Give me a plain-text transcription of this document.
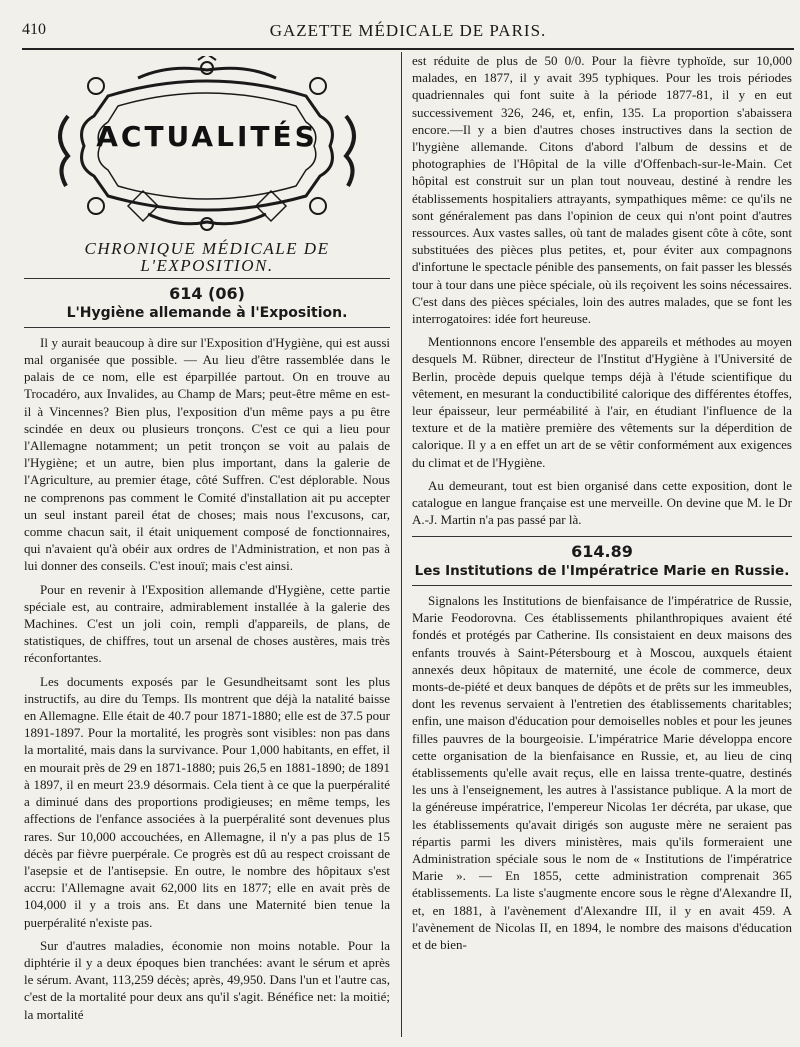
410	GAZETTE MÉDICALE DE PARIS.
ACTUALITÉS
CHRONIQUE MÉDICALE DE L'EXPOSITION.
614 (06)
L'Hygiène allemande à l'Exposition.

Il y aurait beaucoup à dire sur l'Exposition d'Hygiène, qui est aussi mal organisée que possible. — Au lieu d'être rassemblée dans le palais de ce nom, elle est éparpillée partout. On en trouve au Trocadéro, aux Invalides, au Champ de Mars; peut-être même en est-il à Vincennes? Bien plus, l'exposition d'un même pays a pu être scindée en deux ou plusieurs tronçons. C'est ce qui a lieu pour l'Allemagne notamment; un petit tronçon se voit au palais de l'Hygiène; et un autre, bien plus important, dans la galerie de l'Agriculture, au premier étage, côté Suffren. C'est déplorable. Nous ne comprenons pas comment le Comité d'installation ait pu accepter un seul instant pareil état de choses; mais nous l'excusons, car, comme chacun sait, il était uniquement composé de fonctionnaires, qui n'avaient qu'à obéir aux ordres de l'Administration, et non pas à lui donner des conseils. C'est inouï; mais c'est ainsi.

Pour en revenir à l'Exposition allemande d'Hygiène, cette partie spéciale est, au contraire, admirablement installée à la galerie des Machines. C'est un joli coin, rempli d'appareils, de plans, de statistiques, de chiffres, tout un arsenal de choses austères, mais très réconfortantes.

Les documents exposés par le Gesundheitsamt sont les plus instructifs, au dire du Temps. Ils montrent que déjà la natalité baisse en Allemagne. Elle était de 40.7 pour 1871-1880; elle est de 37.5 pour 1891-1897. Pour la mortalité, les progrès sont visibles: non pas dans la mortalité, mais dans la survivance. Pour 1,000 habitants, en effet, il en mourait près de 29 en 1871-1880; puis 26,5 en 1881-1890; de 1891 à 1897, il en meurt 23.9 désormais. Cela tient à ce que la puerpéralité a diminué dans des proportions prodigieuses; en même temps, les affections de l'enfance associées à la puerpéralité sont devenues plus rares. Sur 10,000 accouchées, en Allemagne, il n'y a pas plus de 15 décès par fièvre puerpérale. Ce progrès est dû au respect croissant de l'asepsie et de l'antisepsie. En outre, le nombre des hôpitaux s'est accru: l'Allemagne avait 62,000 lits en 1877; elle en avait près de 104,000 il y a trois ans. Et dans une Maternité bien tenue la puerpéralité n'existe pas.

Sur d'autres maladies, économie non moins notable. Pour la diphtérie il y a deux époques bien tranchées: avant le sérum et après le sérum. Avant, 113,259 décès; après, 49,950. Dans l'un et l'autre cas, c'est de la mortalité pour deux ans qu'il s'agit. Bénéfice net: la moitié; la mortalité

est réduite de plus de 50 0/0. Pour la fièvre typhoïde, sur 10,000 malades, en 1877, il y avait 395 typhiques. Pour les trois périodes quadriennales qui font suite à la période 1877-81, il y en eut successivement 326, 246, et, enfin, 135. La proportion s'abaissera encore.—Il y a bien d'autres choses instructives dans la section de l'hygiène allemande. Citons d'abord l'album de dessins et de photographies de l'Hôpital de la ville d'Offenbach-sur-le-Main. Cet hôpital est construit sur un plan tout nouveau, destiné à rendre les établissements hospitaliers attrayants, sympathiques même: ce qu'ils ne sont généralement pas dans l'opinion de ceux qui n'ont point d'autres ressources. Aux vastes salles, où tant de malades gisent côte à côte, sont substituées des pièces plus petites, et, pour éviter aux compagnons d'infortune le spectacle pénible des pansements, on fait passer les blessés tour à tour dans une pièce spéciale, où ils reçoivent les soins nécessaires. C'est dans des pièces spéciales, loin des autres malades, que se font les interrogatoires: idée fort heureuse.

Mentionnons encore l'ensemble des appareils et méthodes au moyen desquels M. Rübner, directeur de l'Institut d'Hygiène à l'Université de Berlin, procède depuis quelque temps déjà à l'étude scientifique du vêtement, en mesurant la conductibilité calorique des différentes étoffes, leur épaisseur, leur perméabilité à l'air, en étudiant l'influence de la texture et de la matière première des vêtements sur la déperdition de calorique. Il y a en effet un art de se vêtir conformément aux exigences du climat et de l'Hygiène.

Au demeurant, tout est bien organisé dans cette exposition, dont le catalogue en langue française est une merveille. On devine que M. le Dr A.-J. Martin n'a pas passé par là.

614.89
Les Institutions de l'Impératrice Marie en Russie.

Signalons les Institutions de bienfaisance de l'impératrice de Russie, Marie Feodorovna. Ces établissements philanthropiques avaient été fondés et protégés par Catherine. Ils consistaient en deux maisons des enfants trouvés à Saint-Pétersbourg et à Moscou, auxquels étaient annexés deux hôpitaux de maternité, une école de commerce, deux monts-de-piété et deux banques de dépôts et de prêts sur les immeubles, dont les revenus servaient à l'entretien des établissements charitables; enfin, une maison d'éducation pour demoiselles nobles et pour les jeunes filles pauvres de la bourgeoisie. L'impératrice Marie développa encore cette organisation de la bienfaisance en Russie, et, au lieu de cinq établissements qu'elle avait reçus, elle en laissa trente-quatre, destinés les uns à l'enseignement, les autres à l'assistance publique. A la mort de la généreuse impératrice, l'empereur Nicolas 1er décréta, par ukase, que les établissements qu'avait dirigés son auguste mère ne seraient pas répartis parmi les divers ministères, mais qu'ils formeraient une Administration spéciale sous le nom de « Institutions de l'impératrice Marie ». — En 1855, cette administration comprenait 365 établissements. La liste s'augmente encore sous le règne d'Alexandre II, et, en 1881, à l'avènement d'Alexandre III, il y en avait 459. A l'avènement de Nicolas II, en 1894, le nombre des maisons d'éducation et de bien-
